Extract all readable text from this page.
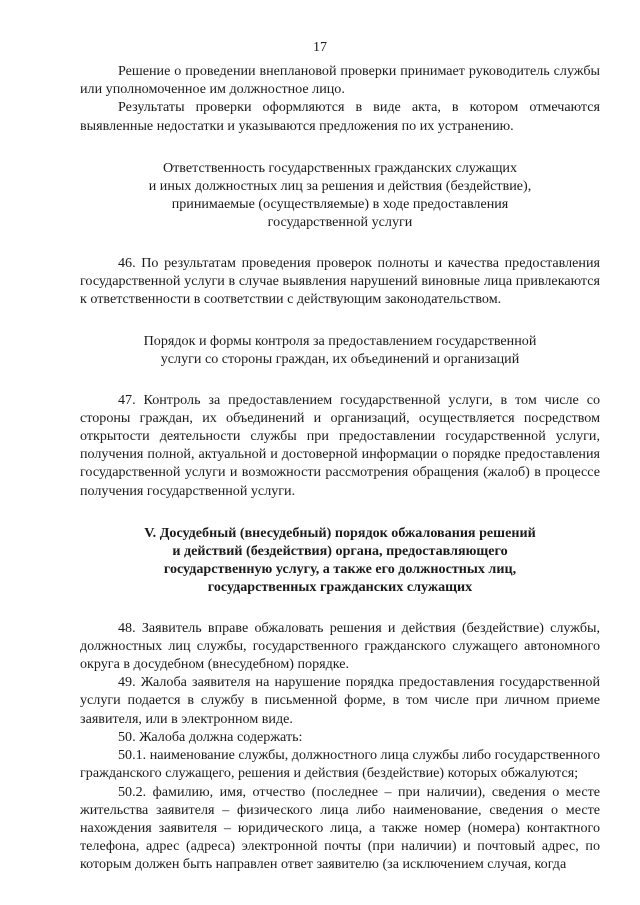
17

Решение о проведении внеплановой проверки принимает руководитель службы или уполномоченное им должностное лицо.

Результаты проверки оформляются в виде акта, в котором отмечаются выявленные недостатки и указываются предложения по их устранению.

Ответственность государственных гражданских служащих

и иных должностных лиц за решения и действия (бездействие),

принимаемые (осуществляемые) в ходе предоставления

государственной услуги

46. По результатам проведения проверок полноты и качества предоставления государственной услуги в случае выявления нарушений виновные лица привлекаются к ответственности в соответствии с действующим законодательством.

Порядок и формы контроля за предоставлением государственной

услуги со стороны граждан, их объединений и организаций

47. Контроль за предоставлением государственной услуги, в том числе со стороны граждан, их объединений и организаций, осуществляется посредством открытости деятельности службы при предоставлении государственной услуги, получения полной, актуальной и достоверной информации о порядке предоставления государственной услуги и возможности рассмотрения обращения (жалоб) в процессе получения государственной услуги.

V. Досудебный (внесудебный) порядок обжалования решений

и действий (бездействия) органа, предоставляющего

государственную услугу, а также его должностных лиц,

государственных гражданских служащих

48. Заявитель вправе обжаловать решения и действия (бездействие) службы, должностных лиц службы, государственного гражданского служащего автономного округа в досудебном (внесудебном) порядке.

49. Жалоба заявителя на нарушение порядка предоставления государственной услуги подается в службу в письменной форме, в том числе при личном приеме заявителя, или в электронном виде.

50. Жалоба должна содержать:

50.1. наименование службы, должностного лица службы либо государственного гражданского служащего, решения и действия (бездействие) которых обжалуются;

50.2. фамилию, имя, отчество (последнее – при наличии), сведения о месте жительства заявителя – физического лица либо наименование, сведения о месте нахождения заявителя – юридического лица, а также номер (номера) контактного телефона, адрес (адреса) электронной почты (при наличии) и почтовый адрес, по которым должен быть направлен ответ заявителю (за исключением случая, когда
